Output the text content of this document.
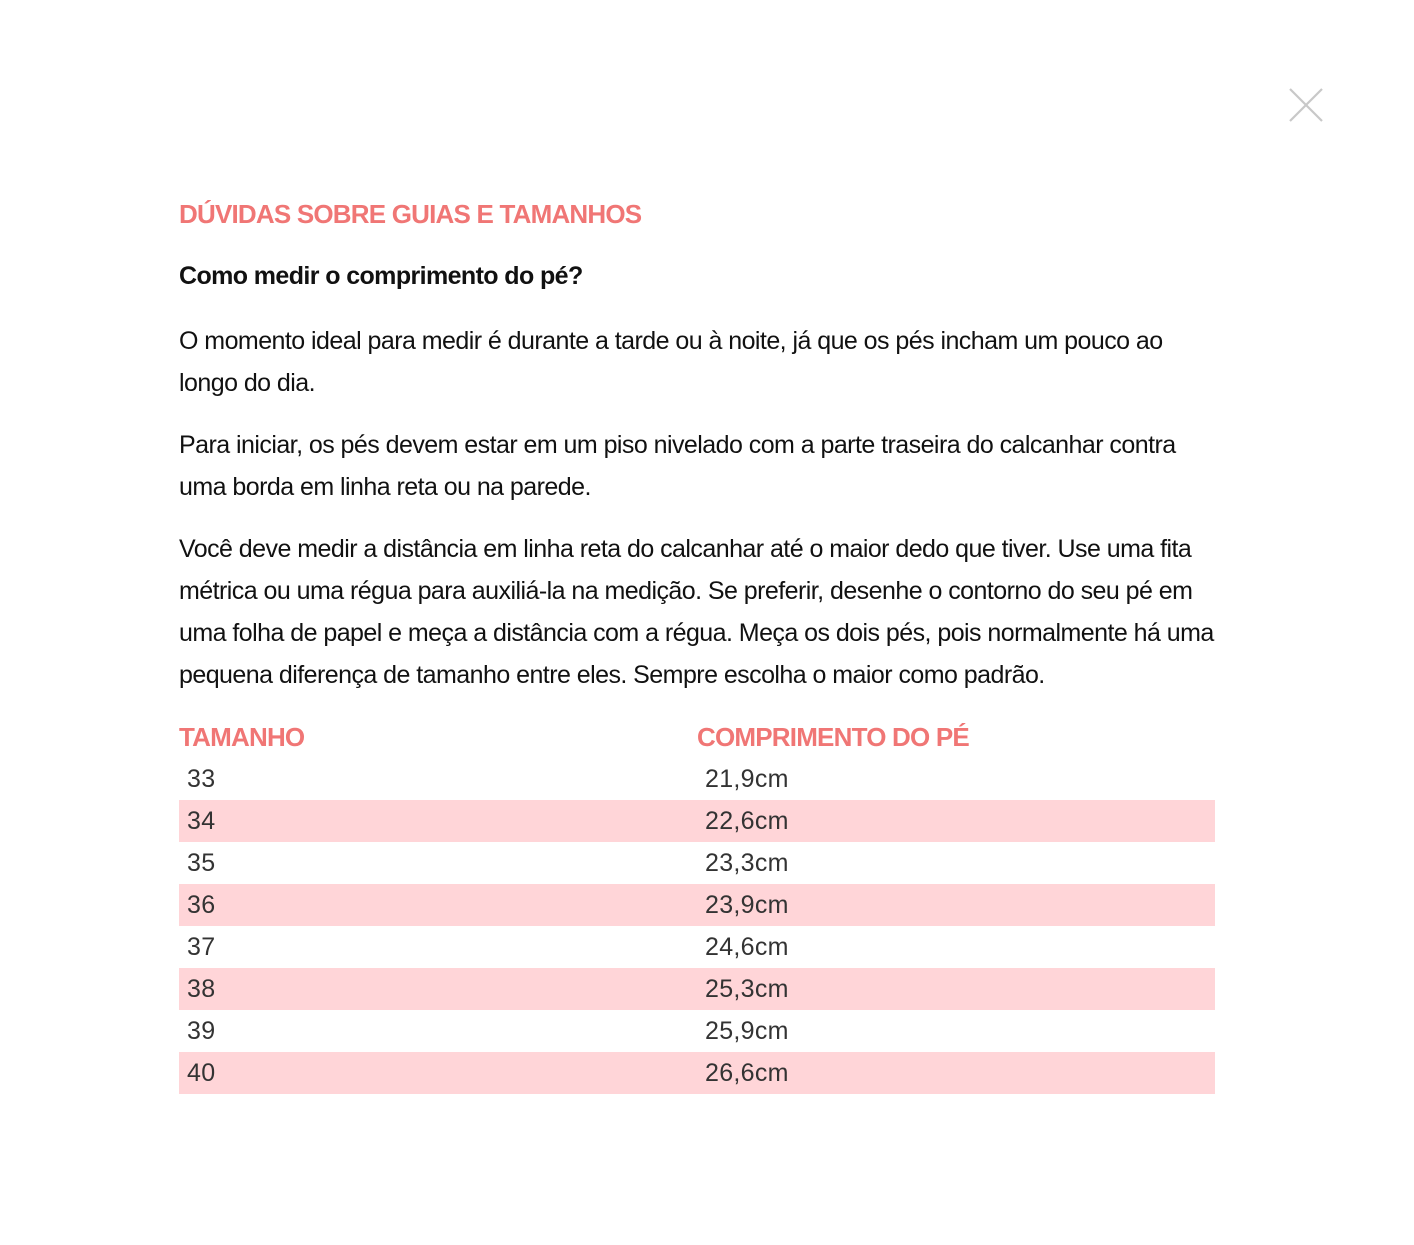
DÚVIDAS SOBRE GUIAS E TAMANHOS

Como medir o comprimento do pé?

O momento ideal para medir é durante a tarde ou à noite, já que os pés incham um pouco ao longo do dia.

Para iniciar, os pés devem estar em um piso nivelado com a parte traseira do calcanhar contra uma borda em linha reta ou na parede.

Você deve medir a distância em linha reta do calcanhar até o maior dedo que tiver. Use uma fita métrica ou uma régua para auxiliá-la na medição. Se preferir, desenhe o contorno do seu pé em uma folha de papel e meça a distância com a régua. Meça os dois pés, pois normalmente há uma pequena diferença de tamanho entre eles. Sempre escolha o maior como padrão.

TAMANHO	COMPRIMENTO DO PÉ
33	21,9cm
34	22,6cm
35	23,3cm
36	23,9cm
37	24,6cm
38	25,3cm
39	25,9cm
40	26,6cm
